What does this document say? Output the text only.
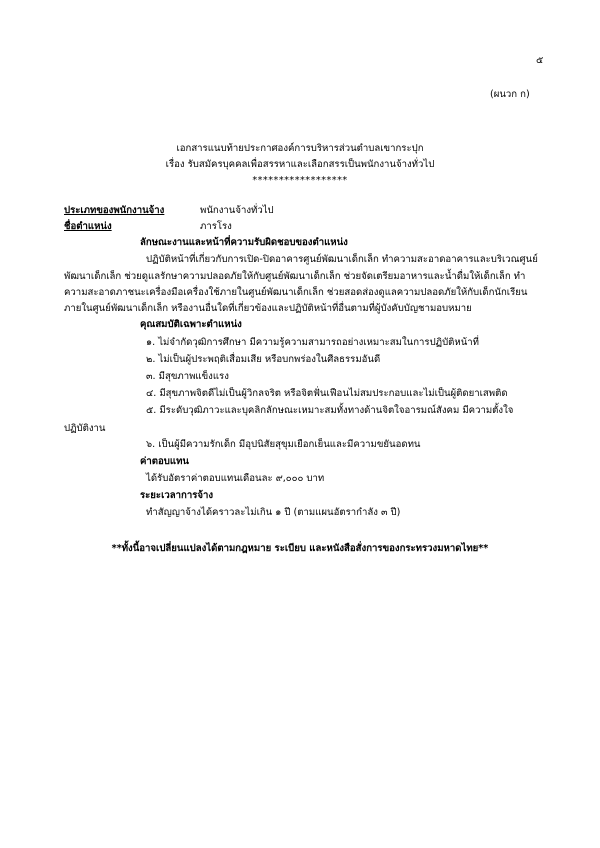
๕
(ผนวก ก)
เอกสารแนบท้ายประกาศองค์การบริหารส่วนตำบลเขากระปุก
เรื่อง รับสมัครบุคคลเพื่อสรรหาและเลือกสรรเป็นพนักงานจ้างทั่วไป
******************
ประเภทของพนักงานจ้าง	พนักงานจ้างทั่วไป
ชื่อตำแหน่ง	ภารโรง
ลักษณะงานและหน้าที่ความรับผิดชอบของตำแหน่ง
ปฏิบัติหน้าที่เกี่ยวกับการเปิด-ปิดอาคารศูนย์พัฒนาเด็กเล็ก ทำความสะอาดอาคารและบริเวณศูนย์
พัฒนาเด็กเล็ก ช่วยดูแลรักษาความปลอดภัยให้กับศูนย์พัฒนาเด็กเล็ก ช่วยจัดเตรียมอาหารและน้ำดื่มให้เด็กเล็ก ทำ
ความสะอาดภาชนะเครื่องมือเครื่องใช้ภายในศูนย์พัฒนาเด็กเล็ก ช่วยสอดส่องดูแลความปลอดภัยให้กับเด็กนักเรียน
ภายในศูนย์พัฒนาเด็กเล็ก หรืองานอื่นใดที่เกี่ยวข้องและปฏิบัติหน้าที่อื่นตามที่ผู้บังคับบัญชามอบหมาย
คุณสมบัติเฉพาะตำแหน่ง
๑. ไม่จำกัดวุฒิการศึกษา มีความรู้ความสามารถอย่างเหมาะสมในการปฏิบัติหน้าที่
๒. ไม่เป็นผู้ประพฤติเสื่อมเสีย หรือบกพร่องในศีลธรรมอันดี
๓. มีสุขภาพแข็งแรง
๔. มีสุขภาพจิตดีไม่เป็นผู้วิกลจริต หรือจิตฟั่นเฟือนไม่สมประกอบและไม่เป็นผู้ติดยาเสพติด
๕. มีระดับวุฒิภาวะและบุคลิกลักษณะเหมาะสมทั้งทางด้านจิตใจอารมณ์สังคม มีความตั้งใจ
ปฏิบัติงาน
๖. เป็นผู้มีความรักเด็ก มีอุปนิสัยสุขุมเยือกเย็นและมีความขยันอดทน
ค่าตอบแทน
ได้รับอัตราค่าตอบแทนเดือนละ ๙,๐๐๐ บาท
ระยะเวลาการจ้าง
ทำสัญญาจ้างได้คราวละไม่เกิน ๑ ปี (ตามแผนอัตรากำลัง ๓ ปี)
**ทั้งนี้อาจเปลี่ยนแปลงได้ตามกฎหมาย ระเบียบ และหนังสือสั่งการของกระทรวงมหาดไทย**
